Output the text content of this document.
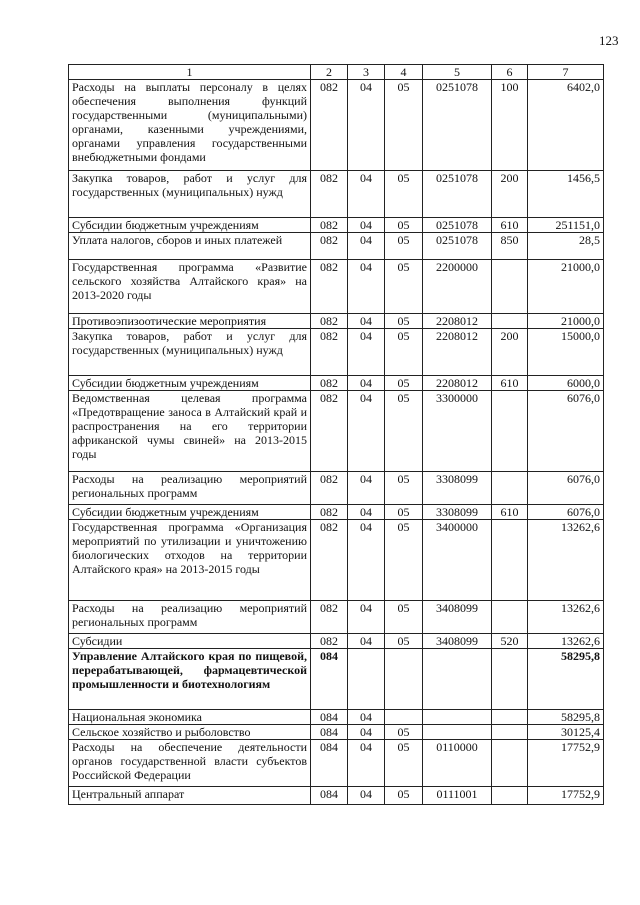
123
1	2	3	4	5	6	7
Расходы на выплаты персоналу в целях обеспечения выполнения функций государственными (муниципальными) органами, казенными учреждениями, органами управления государственными внебюджетными фондами	082	04	05	0251078	100	6402,0
Закупка товаров, работ и услуг для государственных (муниципальных) нужд	082	04	05	0251078	200	1456,5
Субсидии бюджетным учреждениям	082	04	05	0251078	610	251151,0
Уплата налогов, сборов и иных платежей	082	04	05	0251078	850	28,5
Государственная программа «Развитие сельского хозяйства Алтайского края» на 2013-2020 годы	082	04	05	2200000		21000,0
Противоэпизоотические мероприятия	082	04	05	2208012		21000,0
Закупка товаров, работ и услуг для государственных (муниципальных) нужд	082	04	05	2208012	200	15000,0
Субсидии бюджетным учреждениям	082	04	05	2208012	610	6000,0
Ведомственная целевая программа «Предотвращение заноса в Алтайский край и распространения на его территории африканской чумы свиней» на 2013-2015 годы	082	04	05	3300000		6076,0
Расходы на реализацию мероприятий региональных программ	082	04	05	3308099		6076,0
Субсидии бюджетным учреждениям	082	04	05	3308099	610	6076,0
Государственная программа «Организация мероприятий по утилизации и уничтожению биологических отходов на территории Алтайского края» на 2013-2015 годы	082	04	05	3400000		13262,6
Расходы на реализацию мероприятий региональных программ	082	04	05	3408099		13262,6
Субсидии	082	04	05	3408099	520	13262,6
Управление Алтайского края по пищевой, перерабатывающей, фармацевтической промышленности и биотехнологиям	084					58295,8
Национальная экономика	084	04				58295,8
Сельское хозяйство и рыболовство	084	04	05			30125,4
Расходы на обеспечение деятельности органов государственной власти субъектов Российской Федерации	084	04	05	0110000		17752,9
Центральный аппарат	084	04	05	0111001		17752,9
